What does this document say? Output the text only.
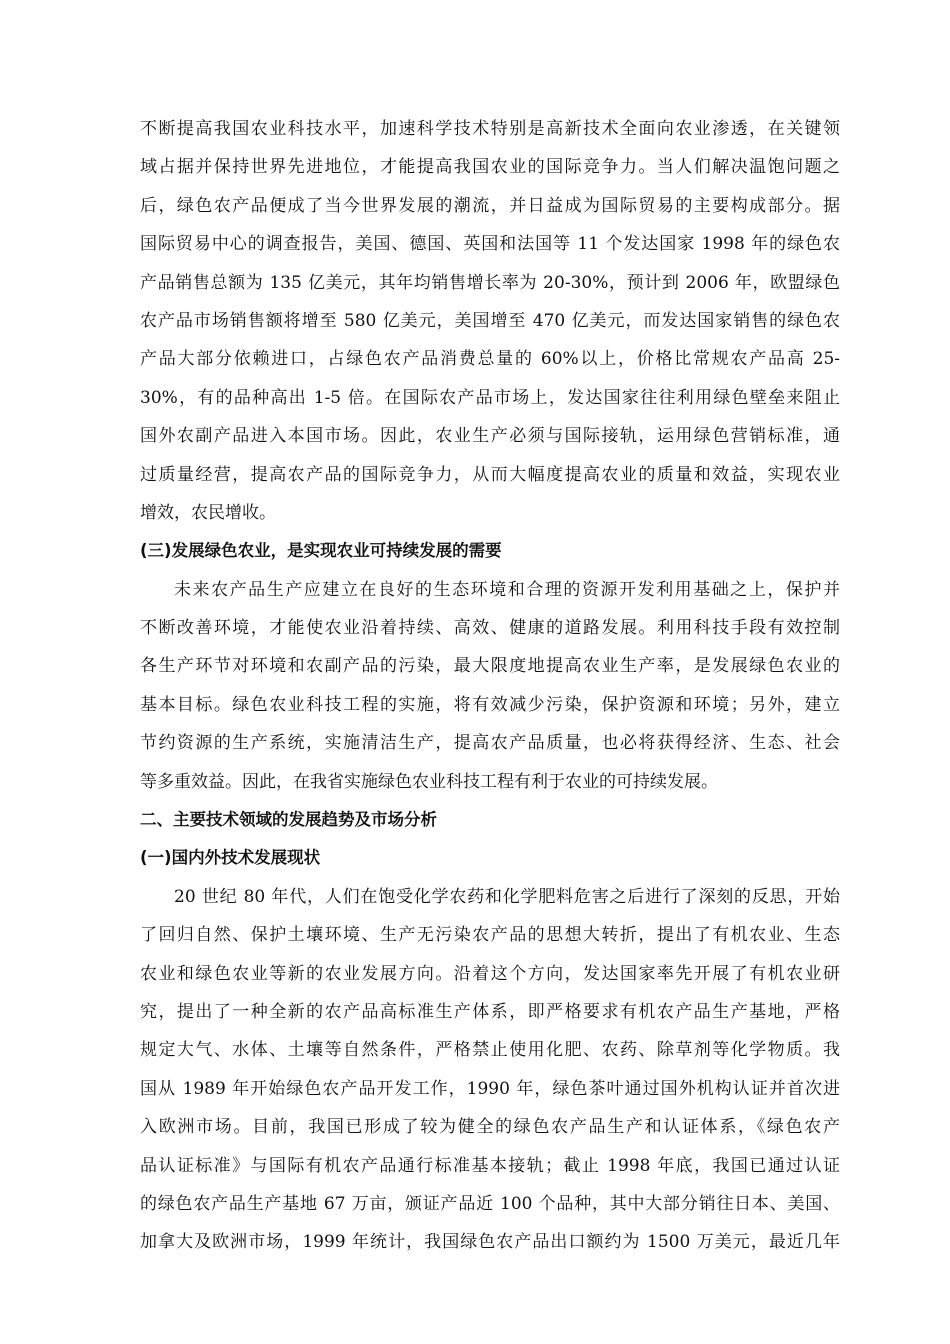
不断提高我国农业科技水平，加速科学技术特别是高新技术全面向农业渗透，在关键领
域占据并保持世界先进地位，才能提高我国农业的国际竞争力。当人们解决温饱问题之
后，绿色农产品便成了当今世界发展的潮流，并日益成为国际贸易的主要构成部分。据
国际贸易中心的调查报告，美国、德国、英国和法国等 11 个发达国家 1998 年的绿色农
产品销售总额为 135 亿美元，其年均销售增长率为 20-30%，预计到 2006 年，欧盟绿色
农产品市场销售额将增至 580 亿美元，美国增至 470 亿美元，而发达国家销售的绿色农
产品大部分依赖进口，占绿色农产品消费总量的 60%以上，价格比常规农产品高 25-
30%，有的品种高出 1-5 倍。在国际农产品市场上，发达国家往往利用绿色壁垒来阻止
国外农副产品进入本国市场。因此，农业生产必须与国际接轨，运用绿色营销标准，通
过质量经营，提高农产品的国际竞争力，从而大幅度提高农业的质量和效益，实现农业
增效，农民增收。
(三)发展绿色农业，是实现农业可持续发展的需要
未来农产品生产应建立在良好的生态环境和合理的资源开发利用基础之上，保护并
不断改善环境，才能使农业沿着持续、高效、健康的道路发展。利用科技手段有效控制
各生产环节对环境和农副产品的污染，最大限度地提高农业生产率，是发展绿色农业的
基本目标。绿色农业科技工程的实施，将有效减少污染，保护资源和环境；另外，建立
节约资源的生产系统，实施清洁生产，提高农产品质量，也必将获得经济、生态、社会
等多重效益。因此，在我省实施绿色农业科技工程有利于农业的可持续发展。
二、主要技术领域的发展趋势及市场分析
(一)国内外技术发展现状
20 世纪 80 年代，人们在饱受化学农药和化学肥料危害之后进行了深刻的反思，开始
了回归自然、保护土壤环境、生产无污染农产品的思想大转折，提出了有机农业、生态
农业和绿色农业等新的农业发展方向。沿着这个方向，发达国家率先开展了有机农业研
究，提出了一种全新的农产品高标准生产体系，即严格要求有机农产品生产基地，严格
规定大气、水体、土壤等自然条件，严格禁止使用化肥、农药、除草剂等化学物质。我
国从 1989 年开始绿色农产品开发工作，1990 年，绿色茶叶通过国外机构认证并首次进
入欧洲市场。目前，我国已形成了较为健全的绿色农产品生产和认证体系，《绿色农产
品认证标准》与国际有机农产品通行标准基本接轨；截止 1998 年底，我国已通过认证
的绿色农产品生产基地 67 万亩，颁证产品近 100 个品种，其中大部分销往日本、美国、
加拿大及欧洲市场，1999 年统计，我国绿色农产品出口额约为 1500 万美元，最近几年
